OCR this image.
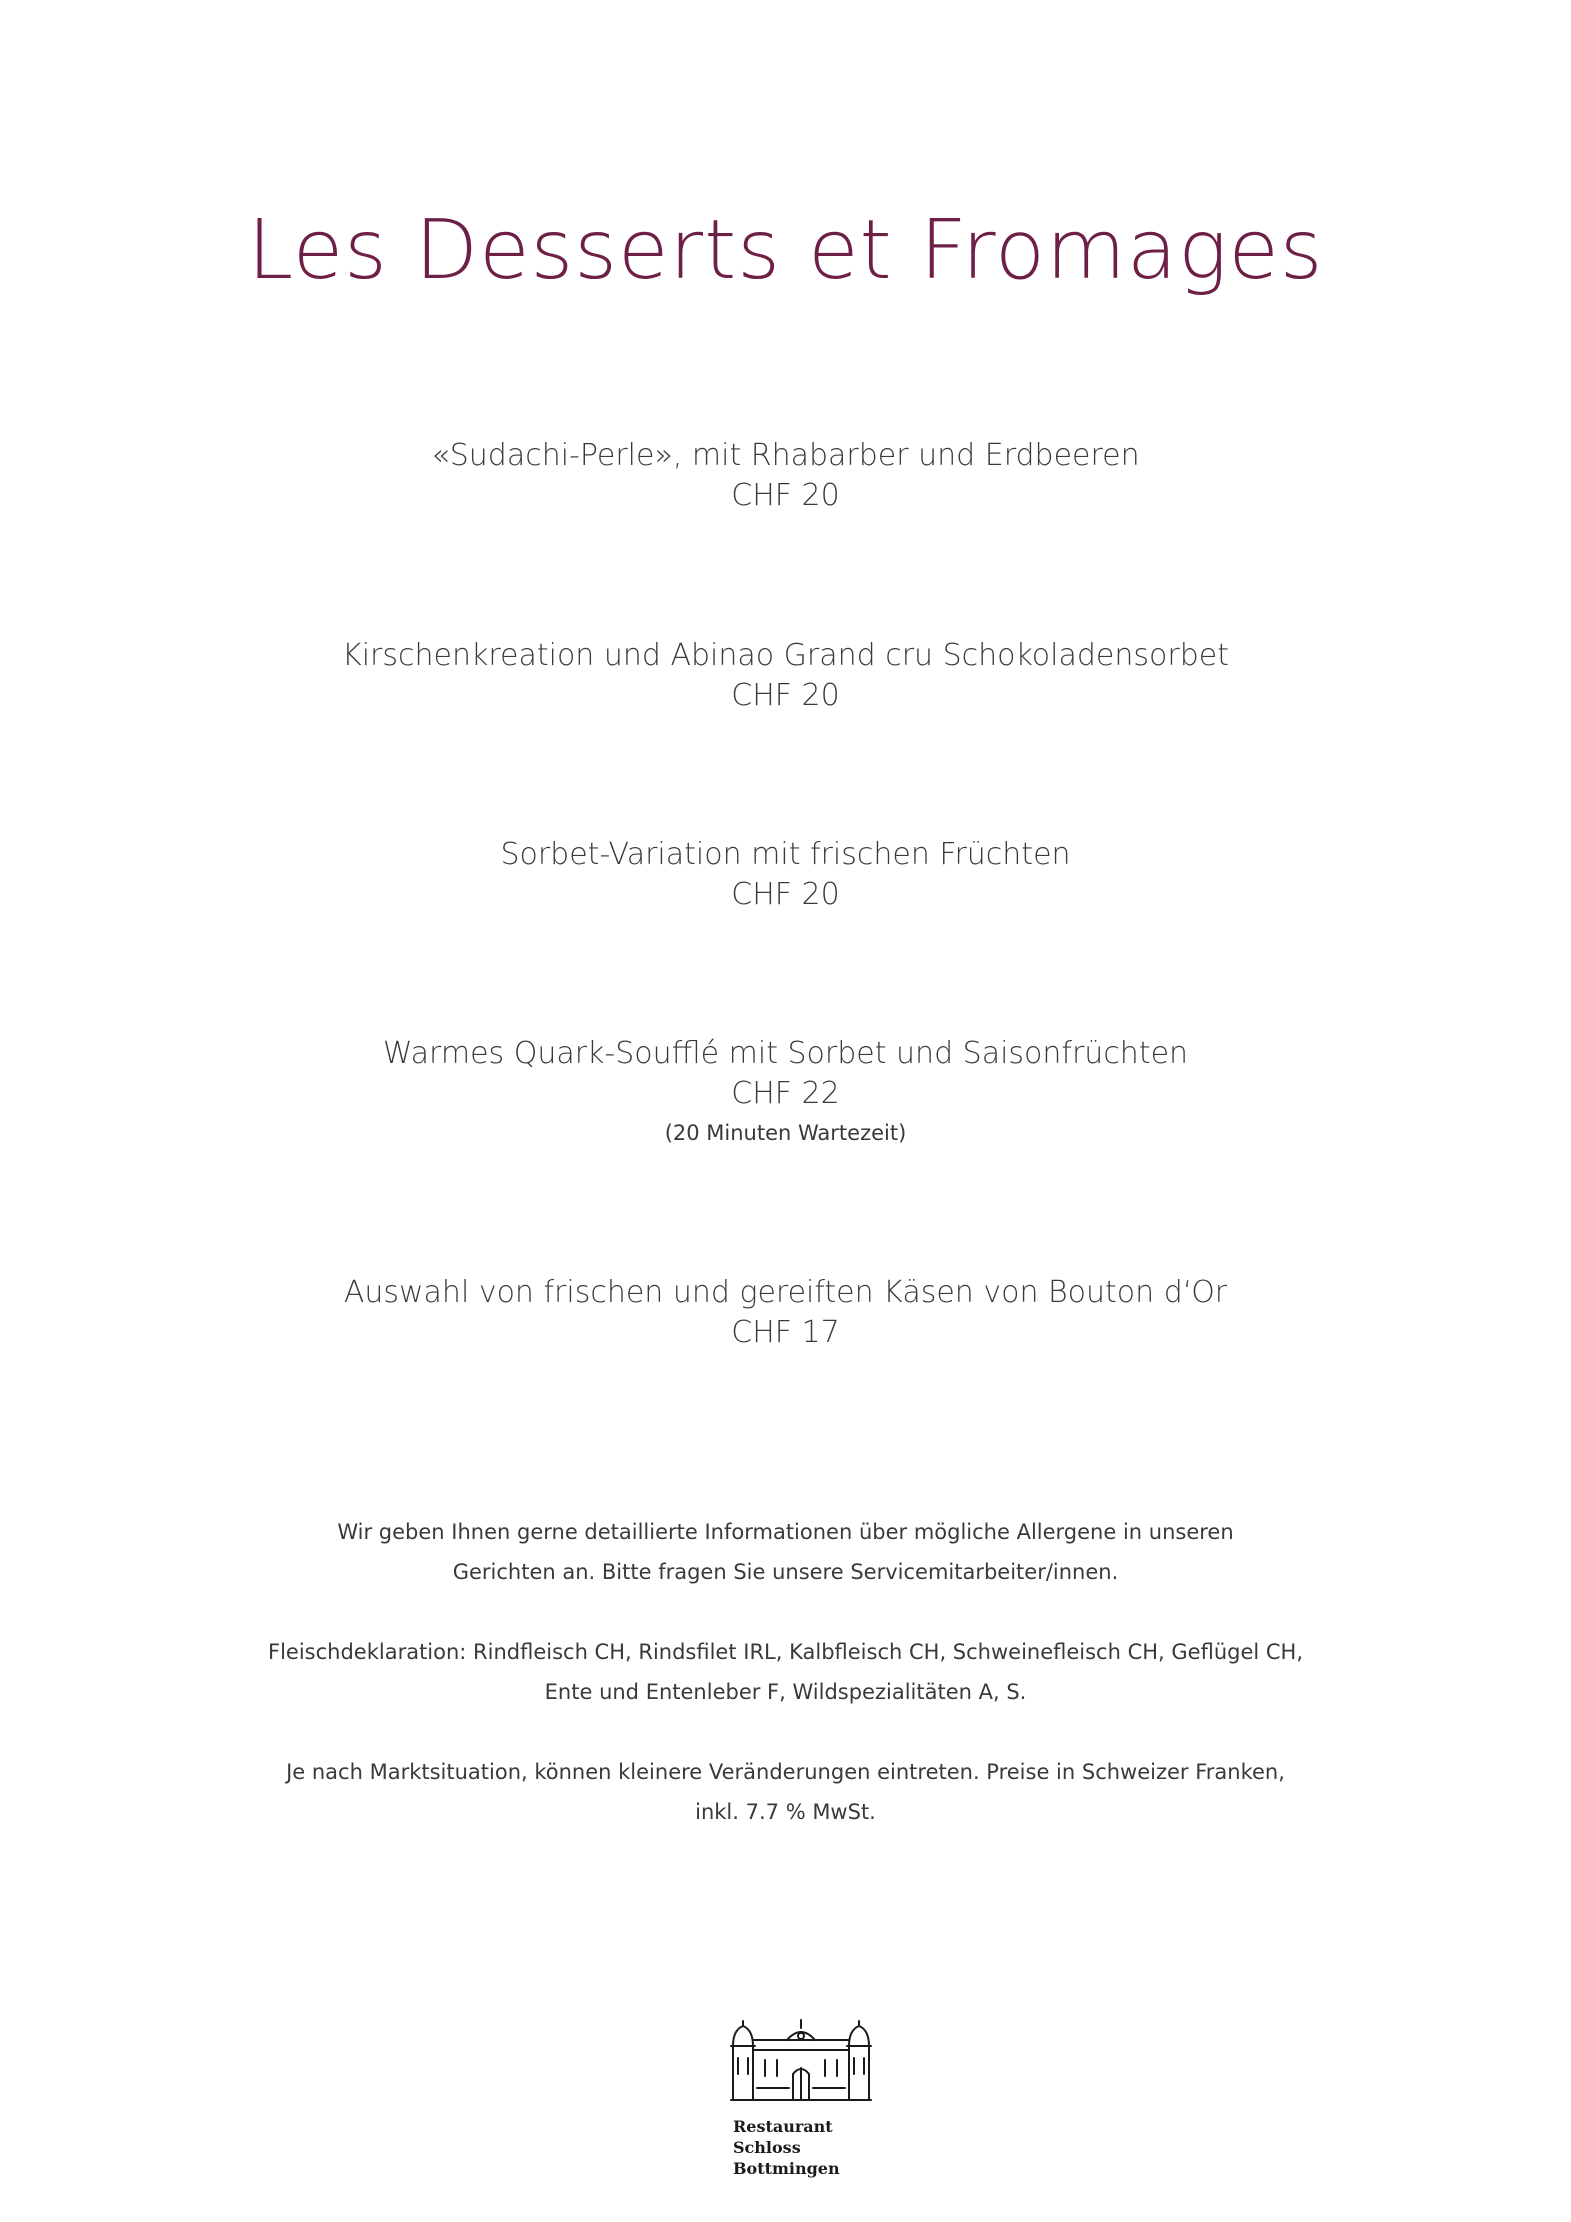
Les Desserts et Fromages
«Sudachi-Perle», mit Rhabarber und Erdbeeren
CHF 20
Kirschenkreation und Abinao Grand cru Schokoladensorbet
CHF 20
Sorbet-Variation mit frischen Früchten
CHF 20
Warmes Quark-Soufflé mit Sorbet und Saisonfrüchten
CHF 22
(20 Minuten Wartezeit)
Auswahl von frischen und gereiften Käsen von Bouton d‘Or
CHF 17

Wir geben Ihnen gerne detaillierte Informationen über mögliche Allergene in unseren
Gerichten an. Bitte fragen Sie unsere Servicemitarbeiter/innen.

Fleischdeklaration: Rindfleisch CH, Rindsfilet IRL, Kalbfleisch CH, Schweinefleisch CH, Geflügel CH,
Ente und Entenleber F, Wildspezialitäten A, S.

Je nach Marktsituation, können kleinere Veränderungen eintreten. Preise in Schweizer Franken,
inkl. 7.7 % MwSt.

Restaurant
Schloss
Bottmingen
